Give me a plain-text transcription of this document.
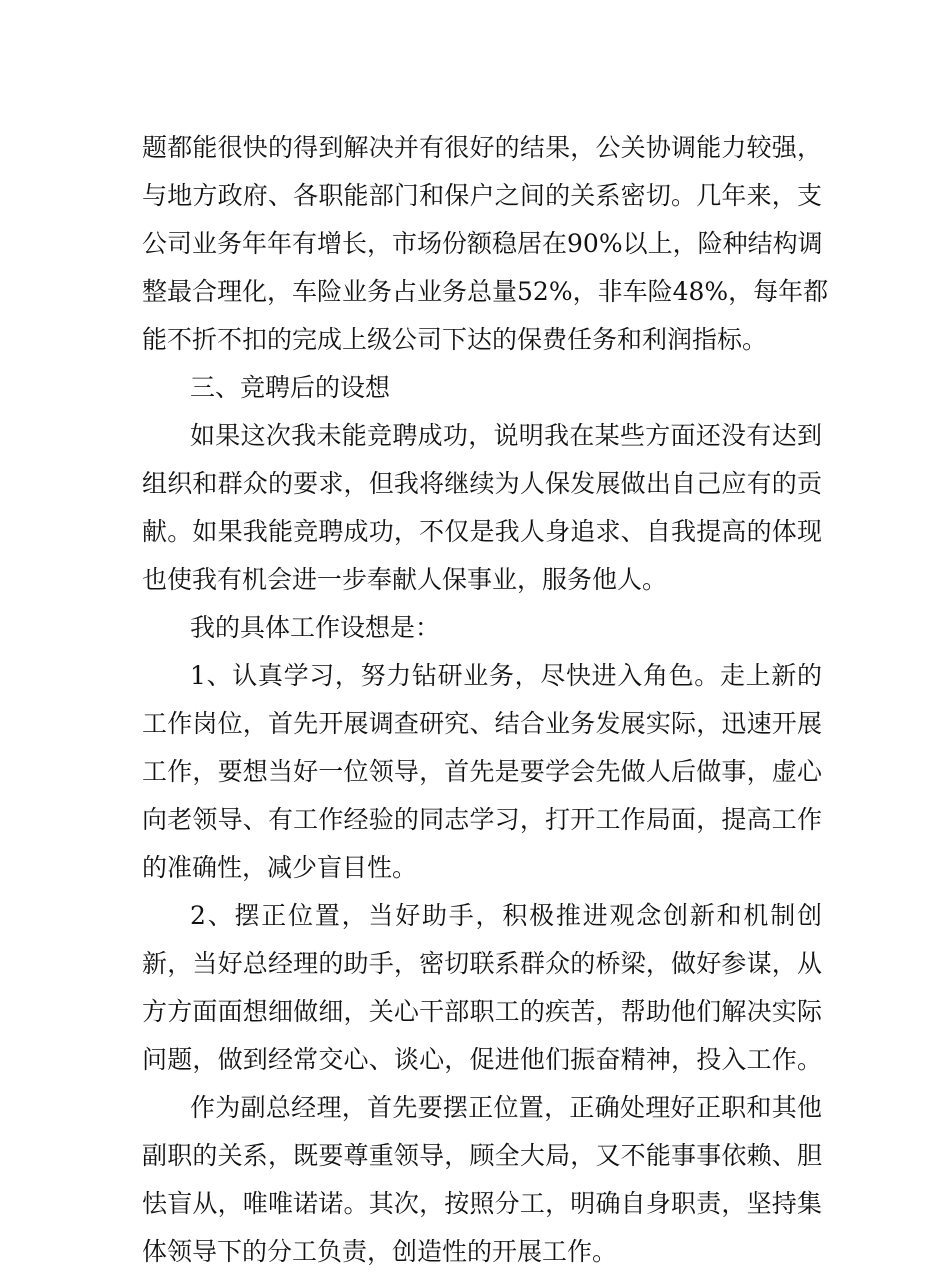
题都能很快的得到解决并有很好的结果，公关协调能力较强，
与地方政府、各职能部门和保户之间的关系密切。几年来，支
公司业务年年有增长，市场份额稳居在90%以上，险种结构调
整最合理化，车险业务占业务总量52%，非车险48%，每年都
能不折不扣的完成上级公司下达的保费任务和利润指标。
三、竞聘后的设想
如果这次我未能竞聘成功，说明我在某些方面还没有达到
组织和群众的要求，但我将继续为人保发展做出自己应有的贡
献。如果我能竞聘成功，不仅是我人身追求、自我提高的体现
也使我有机会进一步奉献人保事业，服务他人。
我的具体工作设想是：
1、认真学习，努力钻研业务，尽快进入角色。走上新的
工作岗位，首先开展调查研究、结合业务发展实际，迅速开展
工作，要想当好一位领导，首先是要学会先做人后做事，虚心
向老领导、有工作经验的同志学习，打开工作局面，提高工作
的准确性，减少盲目性。
2、摆正位置，当好助手，积极推进观念创新和机制创
新，当好总经理的助手，密切联系群众的桥梁，做好参谋，从
方方面面想细做细，关心干部职工的疾苦，帮助他们解决实际
问题，做到经常交心、谈心，促进他们振奋精神，投入工作。
作为副总经理，首先要摆正位置，正确处理好正职和其他
副职的关系，既要尊重领导，顾全大局，又不能事事依赖、胆
怯盲从，唯唯诺诺。其次，按照分工，明确自身职责，坚持集
体领导下的分工负责，创造性的开展工作。
